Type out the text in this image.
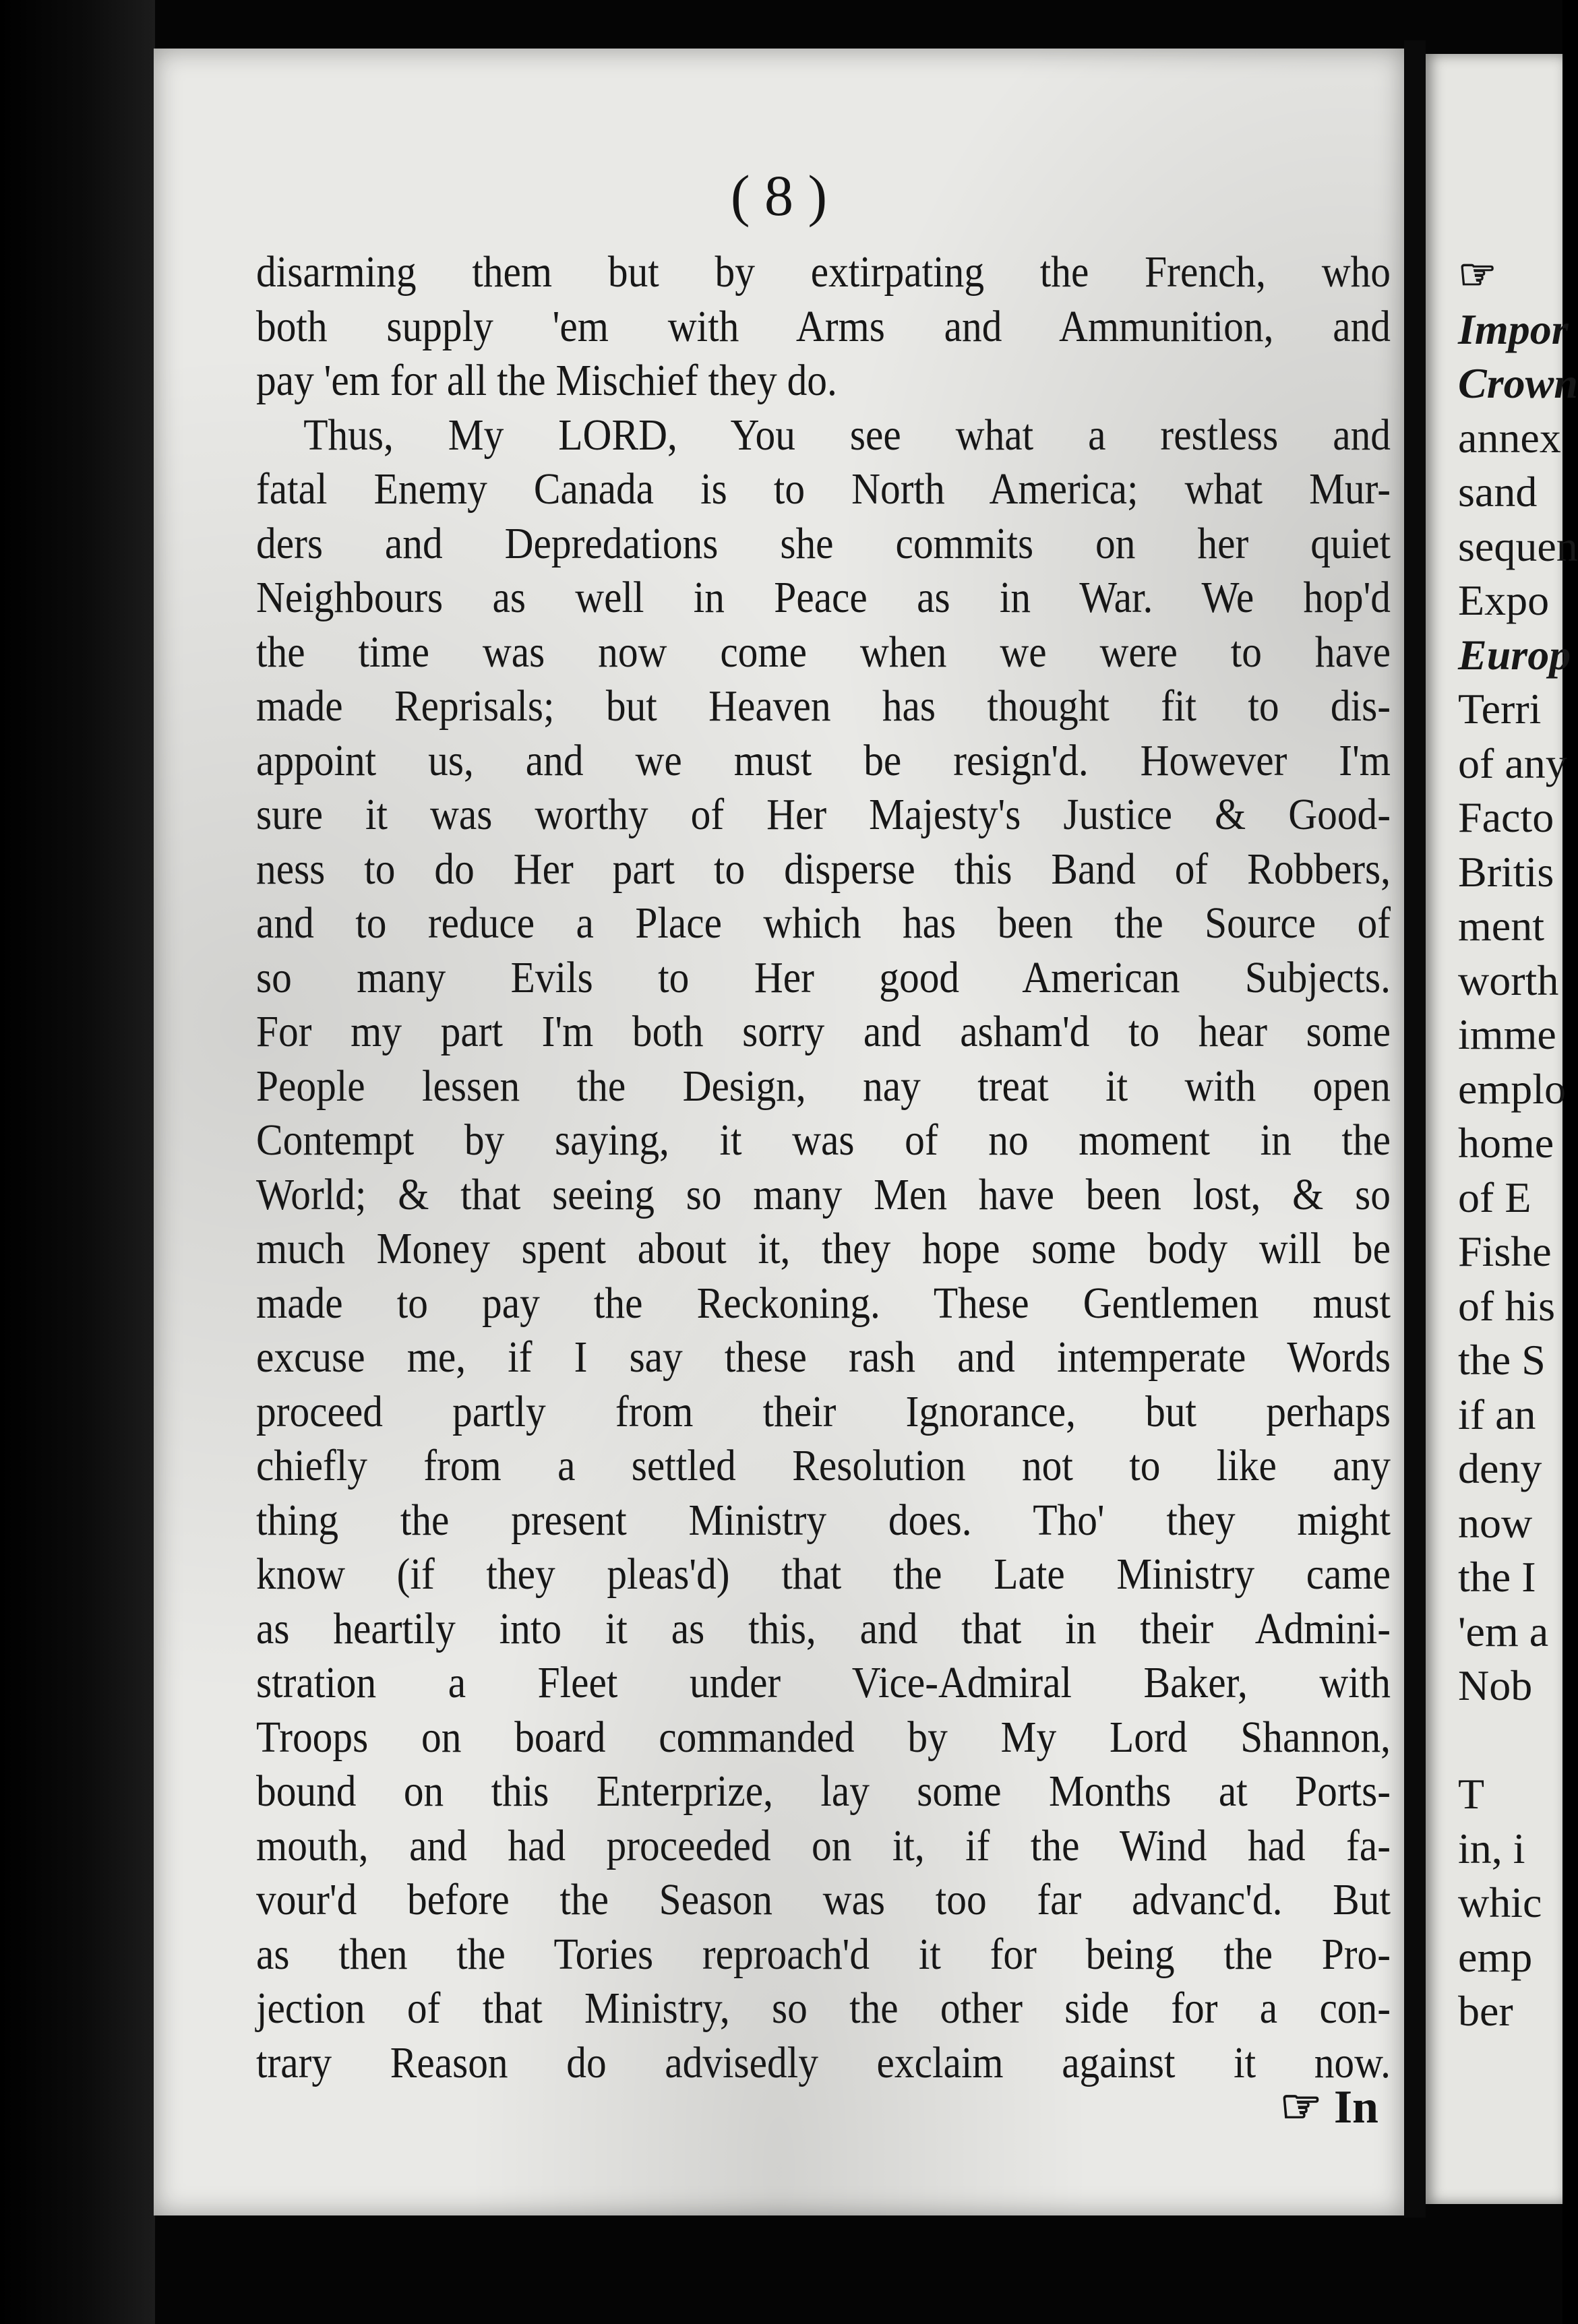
( 8 )

disarming them but by extirpating the French, who
both supply 'em with Arms and Ammunition, and
pay 'em for all the Mischief they do.
Thus, My LORD, You see what a restless and
fatal Enemy Canada is to North America; what Mur-
ders and Depredations she commits on her quiet
Neighbours as well in Peace as in War. We hop'd
the time was now come when we were to have
made Reprisals; but Heaven has thought fit to dis-
appoint us, and we must be resign'd. However I'm
sure it was worthy of Her Majesty's Justice & Good-
ness to do Her part to disperse this Band of Robbers,
and to reduce a Place which has been the Source of
so many Evils to Her good American Subjects.
For my part I'm both sorry and asham'd to hear some
People lessen the Design, nay treat it with open
Contempt by saying, it was of no moment in the
World; & that seeing so many Men have been lost, & so
much Money spent about it, they hope some body will be
made to pay the Reckoning. These Gentlemen must
excuse me, if I say these rash and intemperate Words
proceed partly from their Ignorance, but perhaps
chiefly from a settled Resolution not to like any
thing the present Ministry does. Tho' they might
know (if they pleas'd) that the Late Ministry came
as heartily into it as this, and that in their Admini-
stration a Fleet under Vice-Admiral Baker, with
Troops on board commanded by My Lord Shannon,
bound on this Enterprize, lay some Months at Ports-
mouth, and had proceeded on it, if the Wind had fa-
vour'd before the Season was too far advanc'd. But
as then the Tories reproach'd it for being the Pro-
jection of that Ministry, so the other side for a con-
trary Reason do advisedly exclaim against it now.

☞ In

☞
Impor
Crown
annex
sand
sequen
Expo
Europ
Terri
of any
Facto
Britis
ment
worth
imme
emplo
home
of E
Fishe
of his
the S
if an
deny
now
the I
'em a
Nob
T
in, i
whic
emp
ber
